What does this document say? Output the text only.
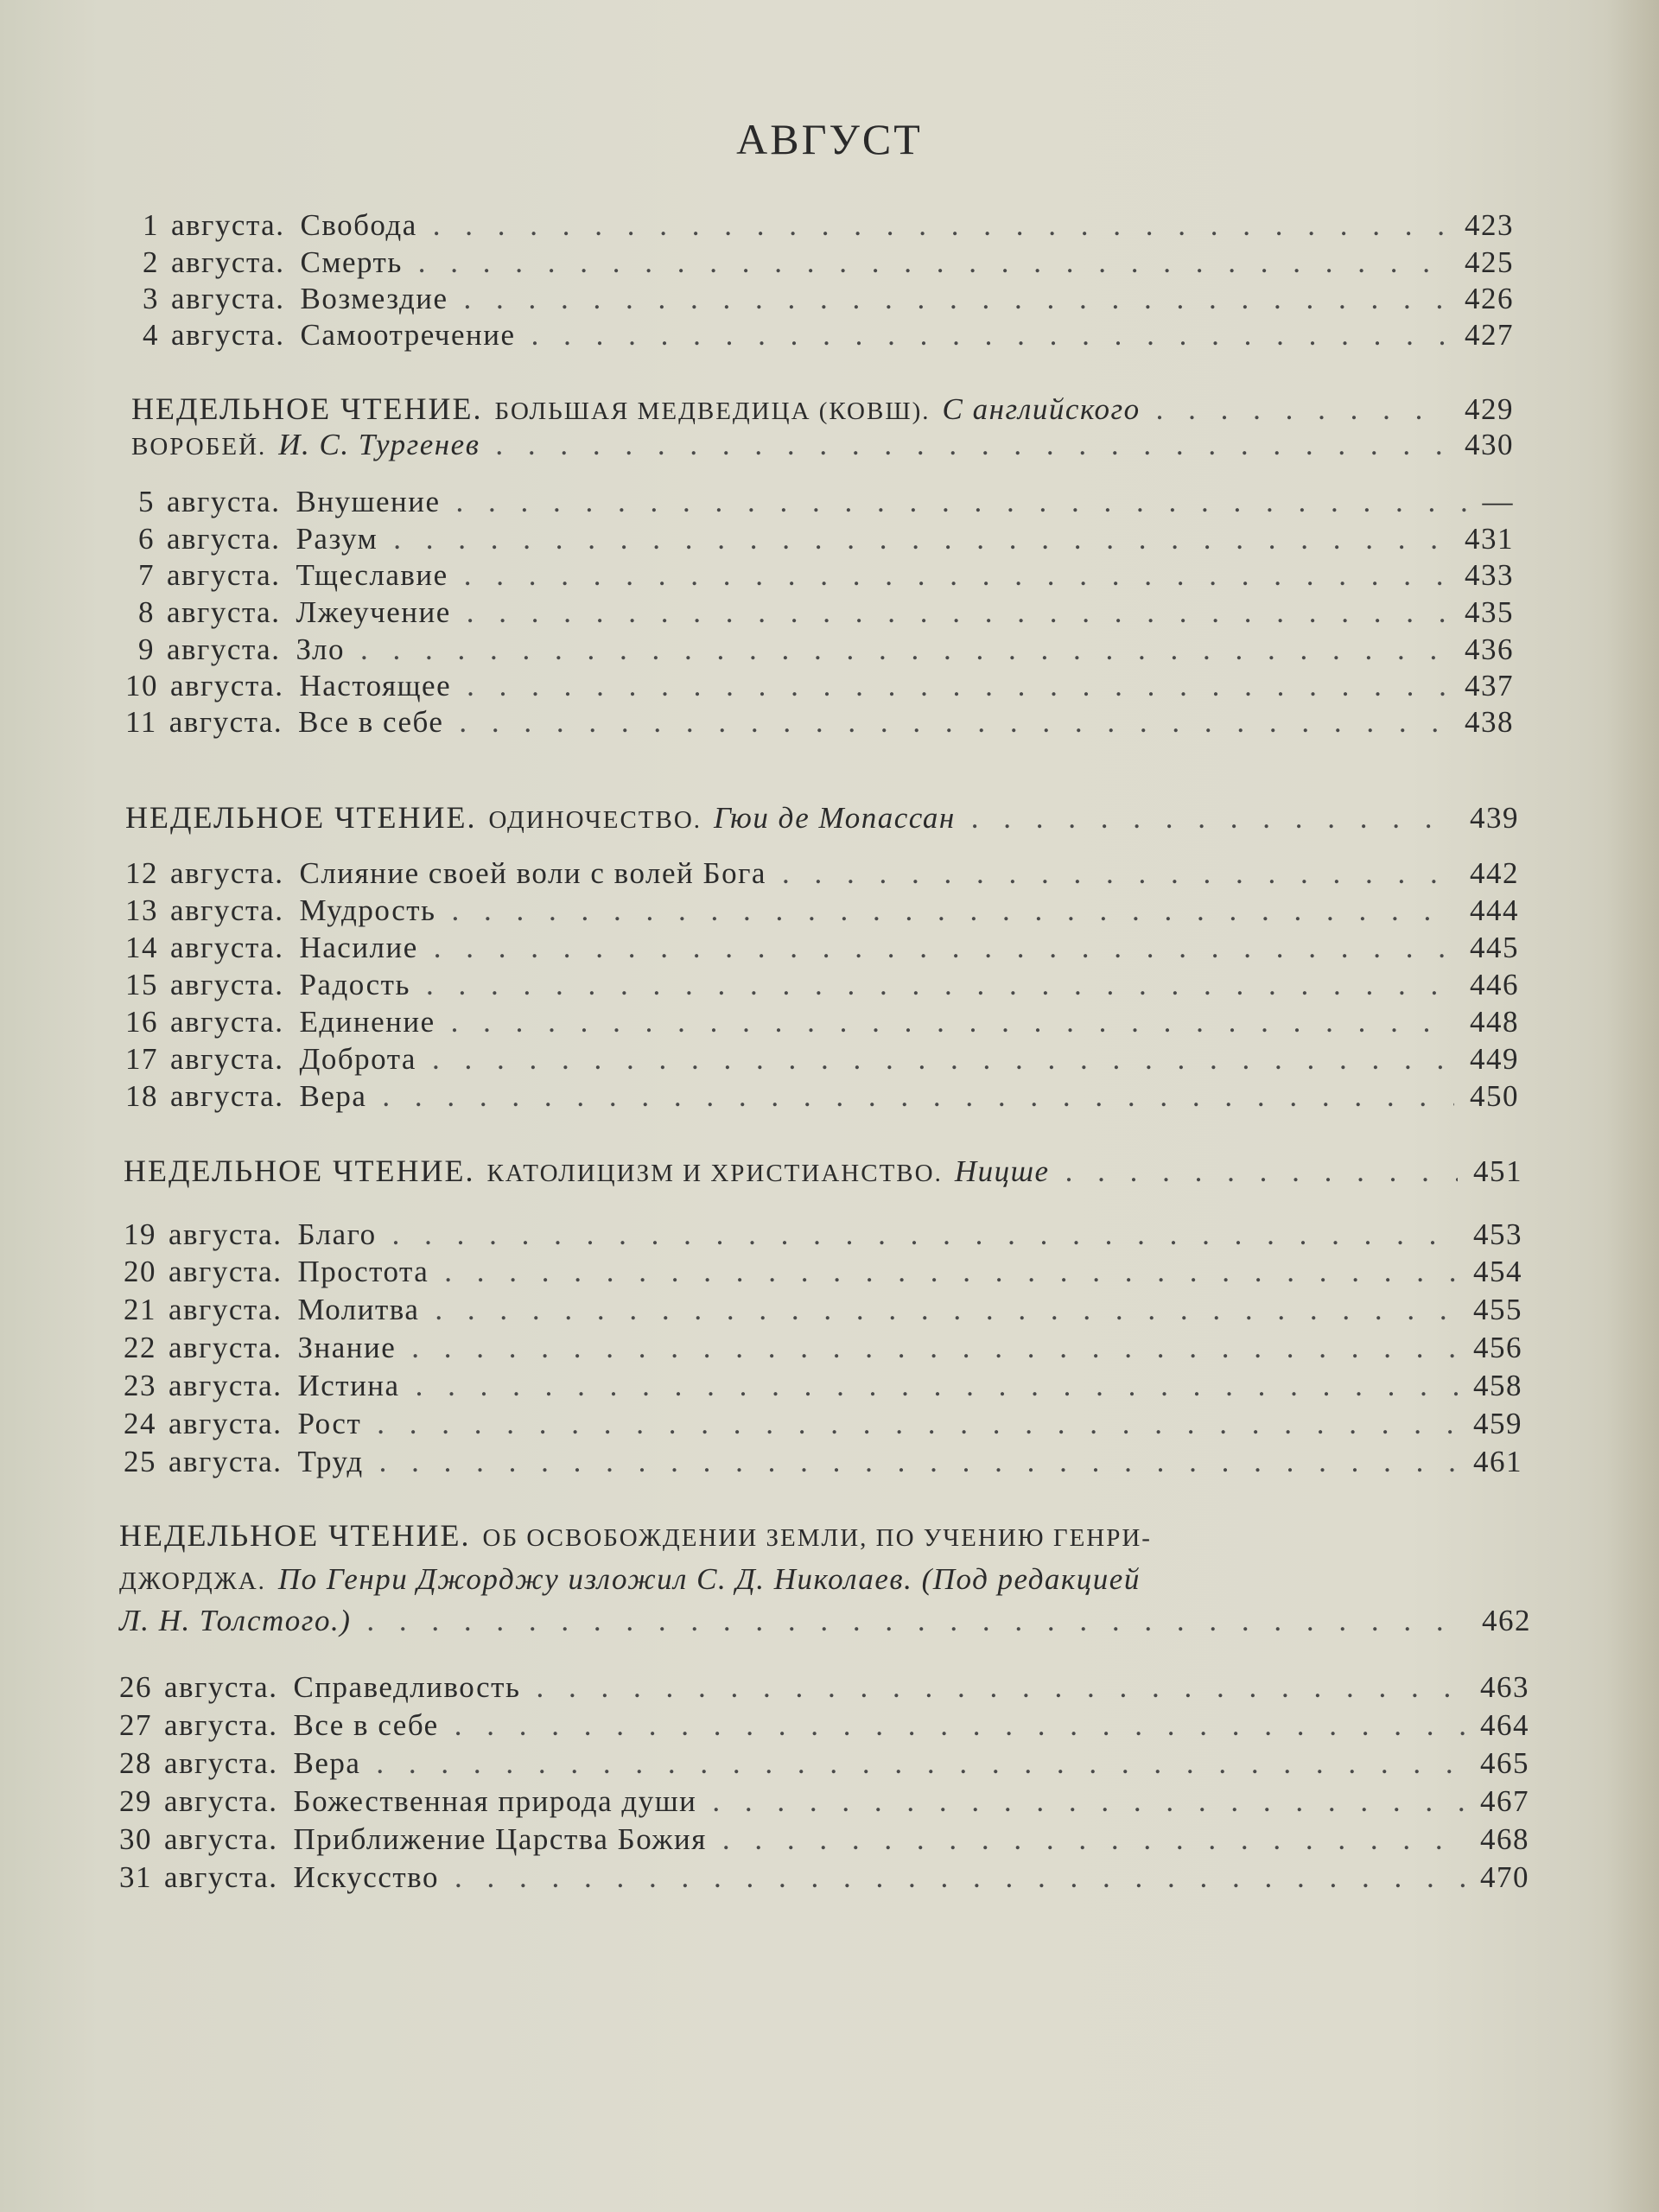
АВГУСТ
1 августа. Свобода . . .	423
2 августа. Смерть . . .	425
3 августа. Возмездие . . .	426
4 августа. Самоотречение . . .	427
НЕДЕЛЬНОЕ ЧТЕНИЕ. БОЛЬШАЯ МЕДВЕДИЦА (КОВШ). С английского . . .	429
ВОРОБЕЙ. И. С. Тургенев . . .	430
5 августа. Внушение . . .	—
6 августа. Разум . . .	431
7 августа. Тщеславие . . .	433
8 августа. Лжеучение . . .	435
9 августа. Зло . . .	436
10 августа. Настоящее . . .	437
11 августа. Все в себе . . .	438
НЕДЕЛЬНОЕ ЧТЕНИЕ. ОДИНОЧЕСТВО. Гюи де Мопассан . . .	439
12 августа. Слияние своей воли с волей Бога . . .	442
13 августа. Мудрость . . .	444
14 августа. Насилие . . .	445
15 августа. Радость . . .	446
16 августа. Единение . . .	448
17 августа. Доброта . . .	449
18 августа. Вера . . .	450
НЕДЕЛЬНОЕ ЧТЕНИЕ. КАТОЛИЦИЗМ И ХРИСТИАНСТВО. Ницше . . .	451
19 августа. Благо . . .	453
20 августа. Простота . . .	454
21 августа. Молитва . . .	455
22 августа. Знание . . .	456
23 августа. Истина . . .	458
24 августа. Рост . . .	459
25 августа. Труд . . .	461
НЕДЕЛЬНОЕ ЧТЕНИЕ. ОБ ОСВОБОЖДЕНИИ ЗЕМЛИ, ПО УЧЕНИЮ ГЕНРИ-
ДЖОРДЖА. По Генри Джорджу изложил С. Д. Николаев. (Под редакцией
Л. Н. Толстого.) . . .	462
26 августа. Справедливость . . .	463
27 августа. Все в себе . . .	464
28 августа. Вера . . .	465
29 августа. Божественная природа души . . .	467
30 августа. Приближение Царства Божия . . .	468
31 августа. Искусство . . .	470
